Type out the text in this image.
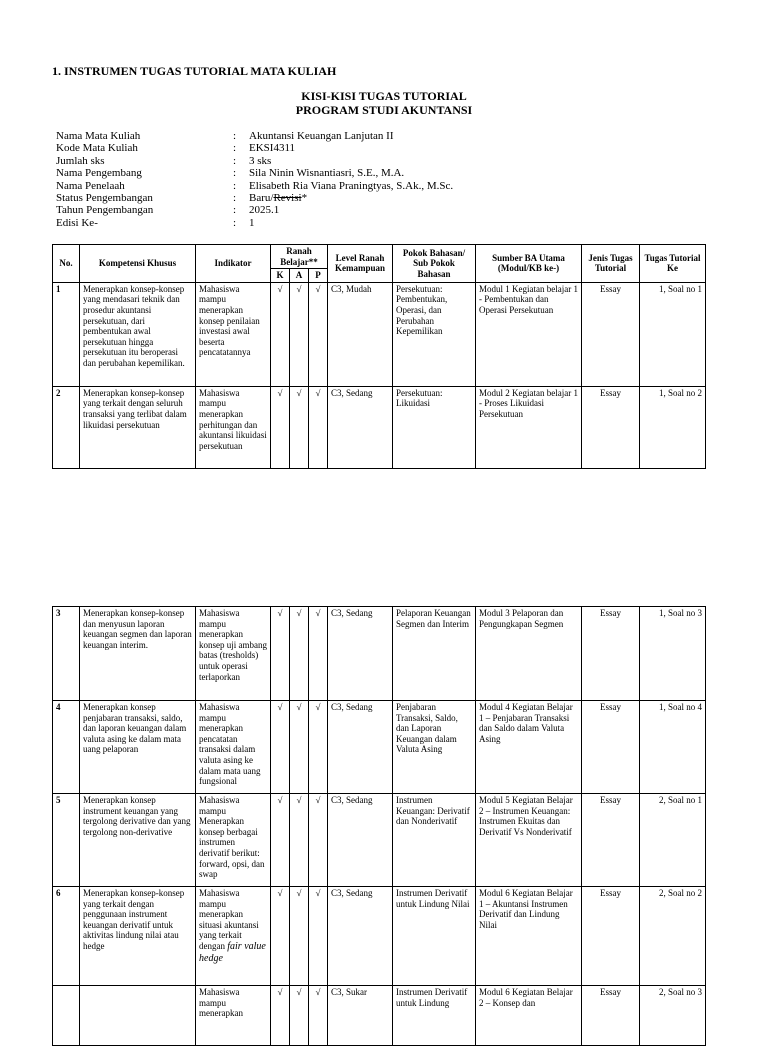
1. INSTRUMEN TUGAS TUTORIAL MATA KULIAH
KISI-KISI TUGAS TUTORIAL
PROGRAM STUDI AKUNTANSI
Nama Mata Kuliah	:	Akuntansi Keuangan Lanjutan II
Kode Mata Kuliah	:	EKSI4311
Jumlah sks	:	3 sks
Nama Pengembang	:	Sila Ninin Wisnantiasri, S.E., M.A.
Nama Penelaah	:	Elisabeth Ria Viana Praningtyas, S.Ak., M.Sc.
Status Pengembangan	:	Baru/Revisi*
Tahun Pengembangan	:	2025.1
Edisi Ke-	:	1
No.	Kompetensi Khusus	Indikator	Ranah Belajar**			Level Ranah Kemampuan	Pokok Bahasan/ Sub Pokok Bahasan	Sumber BA Utama (Modul/KB ke-)	Jenis Tugas Tutorial	Tugas Tutorial Ke
			K	A	P					
1	Menerapkan konsep-konsep yang mendasari teknik dan prosedur akuntansi persekutuan, dari pembentukan awal persekutuan hingga persekutuan itu beroperasi dan perubahan kepemilikan.	Mahasiswa mampu menerapkan konsep penilaian investasi awal beserta pencatatannya	√	√	√	C3, Mudah	Persekutuan: Pembentukan, Operasi, dan Perubahan Kepemilikan	Modul 1 Kegiatan belajar 1 - Pembentukan dan Operasi Persekutuan	Essay	1, Soal no 1
2	Menerapkan konsep-konsep yang terkait dengan seluruh transaksi yang terlibat dalam likuidasi persekutuan	Mahasiswa mampu menerapkan perhitungan dan akuntansi likuidasi persekutuan	√	√	√	C3, Sedang	Persekutuan: Likuidasi	Modul 2 Kegiatan belajar 1 - Proses Likuidasi Persekutuan	Essay	1, Soal no 2
3	Menerapkan konsep-konsep dan menyusun laporan keuangan segmen dan laporan keuangan interim.	Mahasiswa mampu menerapkan konsep uji ambang batas (tresholds) untuk operasi terlaporkan	√	√	√	C3, Sedang	Pelaporan Keuangan Segmen dan Interim	Modul 3 Pelaporan dan Pengungkapan Segmen	Essay	1, Soal no 3
4	Menerapkan konsep penjabaran transaksi, saldo, dan laporan keuangan dalam valuta asing ke dalam mata uang pelaporan	Mahasiswa mampu menerapkan pencatatan transaksi dalam valuta asing ke dalam mata uang fungsional	√	√	√	C3, Sedang	Penjabaran Transaksi, Saldo, dan Laporan Keuangan dalam Valuta Asing	Modul 4 Kegiatan Belajar 1 – Penjabaran Transaksi dan Saldo dalam Valuta Asing	Essay	1, Soal no 4
5	Menerapkan konsep instrument keuangan yang tergolong derivative dan yang tergolong non-derivative	Mahasiswa mampu Menerapkan konsep berbagai instrumen derivatif berikut: forward, opsi, dan swap	√	√	√	C3, Sedang	Instrumen Keuangan: Derivatif dan Nonderivatif	Modul 5 Kegiatan Belajar 2 – Instrumen Keuangan: Instrumen Ekuitas dan Derivatif Vs Nonderivatif	Essay	2, Soal no 1
6	Menerapkan konsep-konsep yang terkait dengan penggunaan instrument keuangan derivatif untuk aktivitas lindung nilai atau hedge	Mahasiswa mampu menerapkan situasi akuntansi yang terkait dengan fair value hedge	√	√	√	C3, Sedang	Instrumen Derivatif untuk Lindung Nilai	Modul 6 Kegiatan Belajar 1 – Akuntansi Instrumen Derivatif dan Lindung Nilai	Essay	2, Soal no 2
		Mahasiswa mampu menerapkan	√	√	√	C3, Sukar	Instrumen Derivatif untuk Lindung	Modul 6 Kegiatan Belajar 2 – Konsep dan	Essay	2, Soal no 3
